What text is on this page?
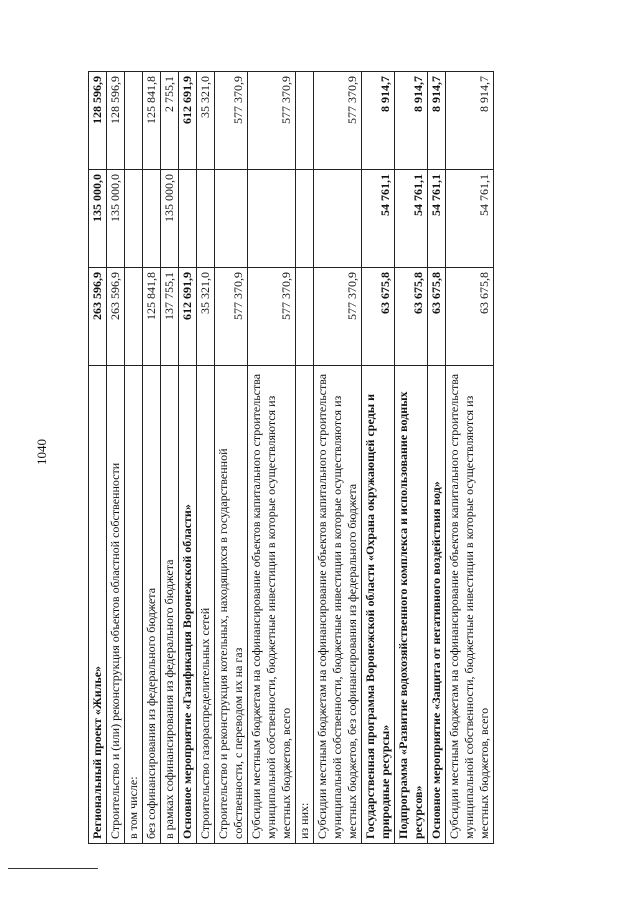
1040
Региональный проект «Жилье»	263 596,9	135 000,0	128 596,9
Строительство и (или) реконструкция объектов областной собственности	263 596,9	135 000,0	128 596,9
в том числе:			
без софинансирования из федерального бюджета	125 841,8		125 841,8
в рамках софинансирования из федерального бюджета	137 755,1	135 000,0	2 755,1
Основное мероприятие «Газификация Воронежской области»	612 691,9		612 691,9
Строительство газораспределительных сетей	35 321,0		35 321,0
Строительство и реконструкция котельных, находящихся в государственной собственности, с переводом их на газ	577 370,9		577 370,9
Субсидии местным бюджетам на софинансирование объектов капитального строительства муниципальной собственности, бюджетные инвестиции в которые осуществляются из местных бюджетов, всего	577 370,9		577 370,9
из них:			
Субсидии местным бюджетам на софинансирование объектов капитального строительства муниципальной собственности, бюджетные инвестиции в которые осуществляются из местных бюджетов, без софинансирования из федерального бюджета	577 370,9		577 370,9
Государственная программа Воронежской области «Охрана окружающей среды и природные ресурсы»	63 675,8	54 761,1	8 914,7
Подпрограмма «Развитие водохозяйственного комплекса и использование водных ресурсов»	63 675,8	54 761,1	8 914,7
Основное мероприятие «Защита от негативного воздействия вод»	63 675,8	54 761,1	8 914,7
Субсидии местным бюджетам на софинансирование объектов капитального строительства муниципальной собственности, бюджетные инвестиции в которые осуществляются из местных бюджетов, всего	63 675,8	54 761,1	8 914,7
